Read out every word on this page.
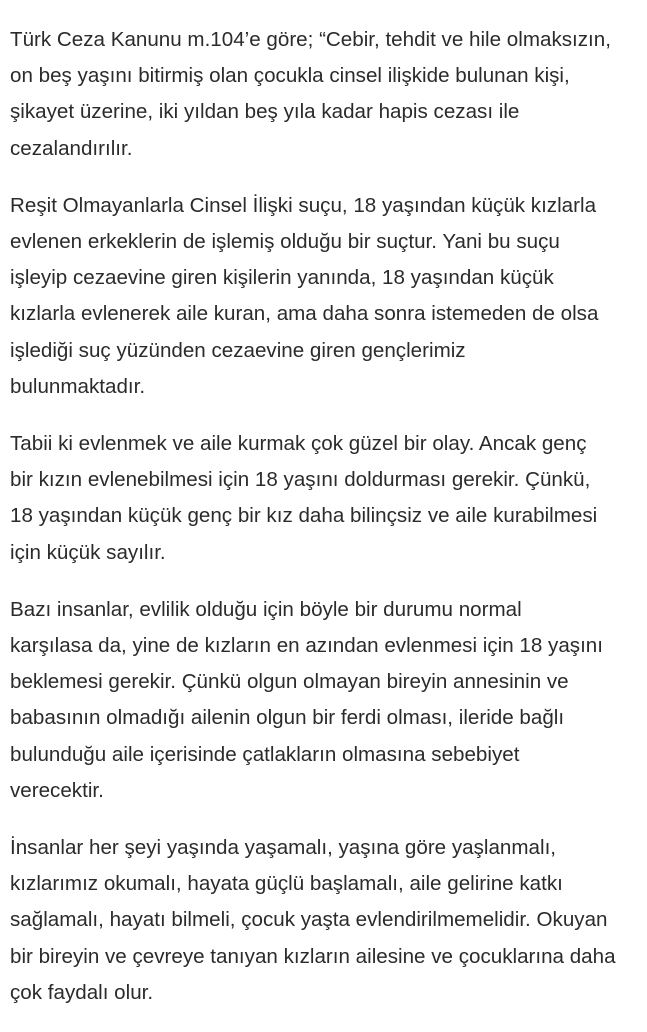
Türk Ceza Kanunu m.104’e göre; “Cebir, tehdit ve hile olmaksızın,
on beş yaşını bitirmiş olan çocukla cinsel ilişkide bulunan kişi,
şikayet üzerine, iki yıldan beş yıla kadar hapis cezası ile
cezalandırılır.

Reşit Olmayanlarla Cinsel İlişki suçu, 18 yaşından küçük kızlarla
evlenen erkeklerin de işlemiş olduğu bir suçtur. Yani bu suçu
işleyip cezaevine giren kişilerin yanında, 18 yaşından küçük
kızlarla evlenerek aile kuran, ama daha sonra istemeden de olsa
işlediği suç yüzünden cezaevine giren gençlerimiz
bulunmaktadır.

Tabii ki evlenmek ve aile kurmak çok güzel bir olay. Ancak genç
bir kızın evlenebilmesi için 18 yaşını doldurması gerekir. Çünkü,
18 yaşından küçük genç bir kız daha bilinçsiz ve aile kurabilmesi
için küçük sayılır.

Bazı insanlar, evlilik olduğu için böyle bir durumu normal
karşılasa da, yine de kızların en azından evlenmesi için 18 yaşını
beklemesi gerekir. Çünkü olgun olmayan bireyin annesinin ve
babasının olmadığı ailenin olgun bir ferdi olması, ileride bağlı
bulunduğu aile içerisinde çatlakların olmasına sebebiyet
verecektir.

İnsanlar her şeyi yaşında yaşamalı, yaşına göre yaşlanmalı,
kızlarımız okumalı, hayata güçlü başlamalı, aile gelirine katkı
sağlamalı, hayatı bilmeli, çocuk yaşta evlendirilmemelidir. Okuyan
bir bireyin ve çevreye tanıyan kızların ailesine ve çocuklarına daha
çok faydalı olur.
